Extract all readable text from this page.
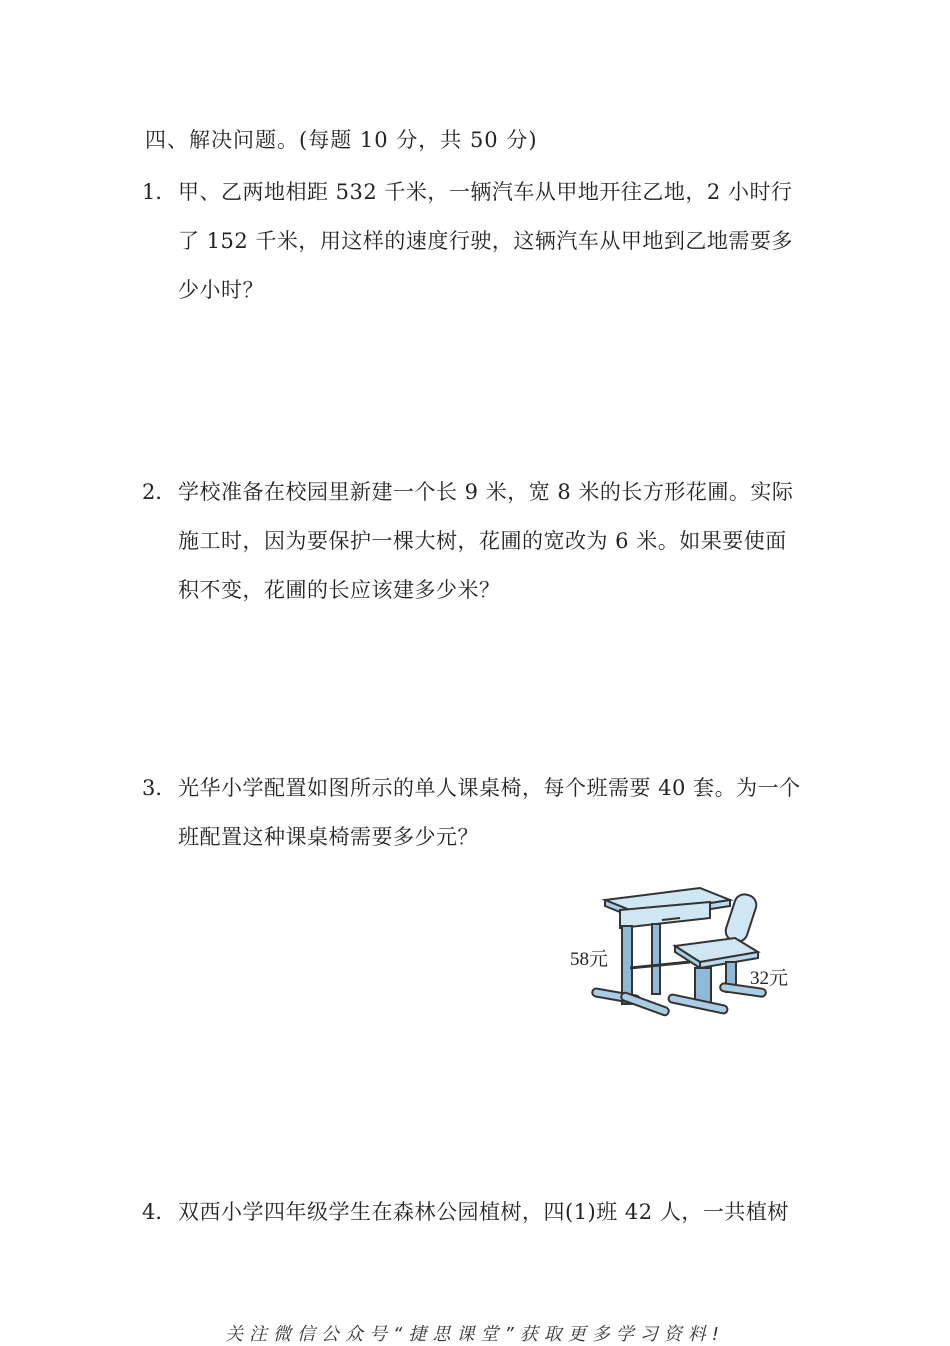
四、解决问题。(每题 10 分，共 50 分)
1． 甲、乙两地相距 532 千米，一辆汽车从甲地开往乙地，2 小时行
了 152 千米，用这样的速度行驶，这辆汽车从甲地到乙地需要多
少小时？
2． 学校准备在校园里新建一个长 9 米，宽 8 米的长方形花圃。实际
施工时，因为要保护一棵大树，花圃的宽改为 6 米。如果要使面
积不变，花圃的长应该建多少米？
3． 光华小学配置如图所示的单人课桌椅，每个班需要 40 套。为一个
班配置这种课桌椅需要多少元？
58元
32元
4． 双西小学四年级学生在森林公园植树，四(1)班 42 人，一共植树
关注微信公众号“捷思课堂”获取更多学习资料!
